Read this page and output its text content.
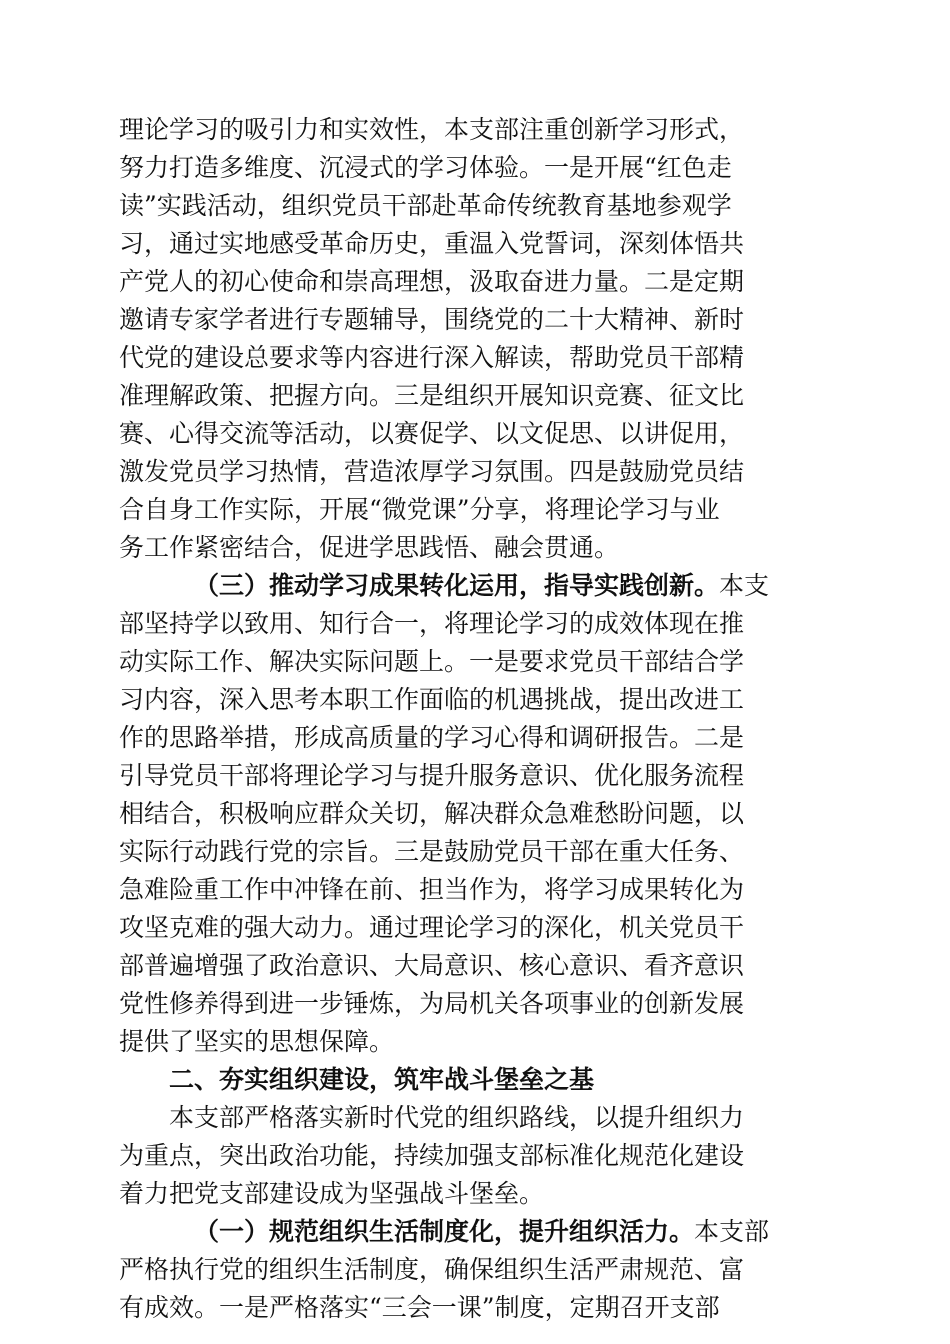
理论学习的吸引力和实效性，本支部注重创新学习形式，
努力打造多维度、沉浸式的学习体验。一是开展“红色走
读”实践活动，组织党员干部赴革命传统教育基地参观学
习，通过实地感受革命历史，重温入党誓词，深刻体悟共
产党人的初心使命和崇高理想，汲取奋进力量。二是定期
邀请专家学者进行专题辅导，围绕党的二十大精神、新时
代党的建设总要求等内容进行深入解读，帮助党员干部精
准理解政策、把握方向。三是组织开展知识竞赛、征文比
赛、心得交流等活动，以赛促学、以文促思、以讲促用，
激发党员学习热情，营造浓厚学习氛围。四是鼓励党员结
合自身工作实际，开展“微党课”分享，将理论学习与业
务工作紧密结合，促进学思践悟、融会贯通。
（三）推动学习成果转化运用，指导实践创新。本支
部坚持学以致用、知行合一，将理论学习的成效体现在推
动实际工作、解决实际问题上。一是要求党员干部结合学
习内容，深入思考本职工作面临的机遇挑战，提出改进工
作的思路举措，形成高质量的学习心得和调研报告。二是
引导党员干部将理论学习与提升服务意识、优化服务流程
相结合，积极响应群众关切，解决群众急难愁盼问题，以
实际行动践行党的宗旨。三是鼓励党员干部在重大任务、
急难险重工作中冲锋在前、担当作为，将学习成果转化为
攻坚克难的强大动力。通过理论学习的深化，机关党员干
部普遍增强了政治意识、大局意识、核心意识、看齐意识
党性修养得到进一步锤炼，为局机关各项事业的创新发展
提供了坚实的思想保障。
二、夯实组织建设，筑牢战斗堡垒之基
本支部严格落实新时代党的组织路线，以提升组织力
为重点，突出政治功能，持续加强支部标准化规范化建设
着力把党支部建设成为坚强战斗堡垒。
（一）规范组织生活制度化，提升组织活力。本支部
严格执行党的组织生活制度，确保组织生活严肃规范、富
有成效。一是严格落实“三会一课”制度，定期召开支部
